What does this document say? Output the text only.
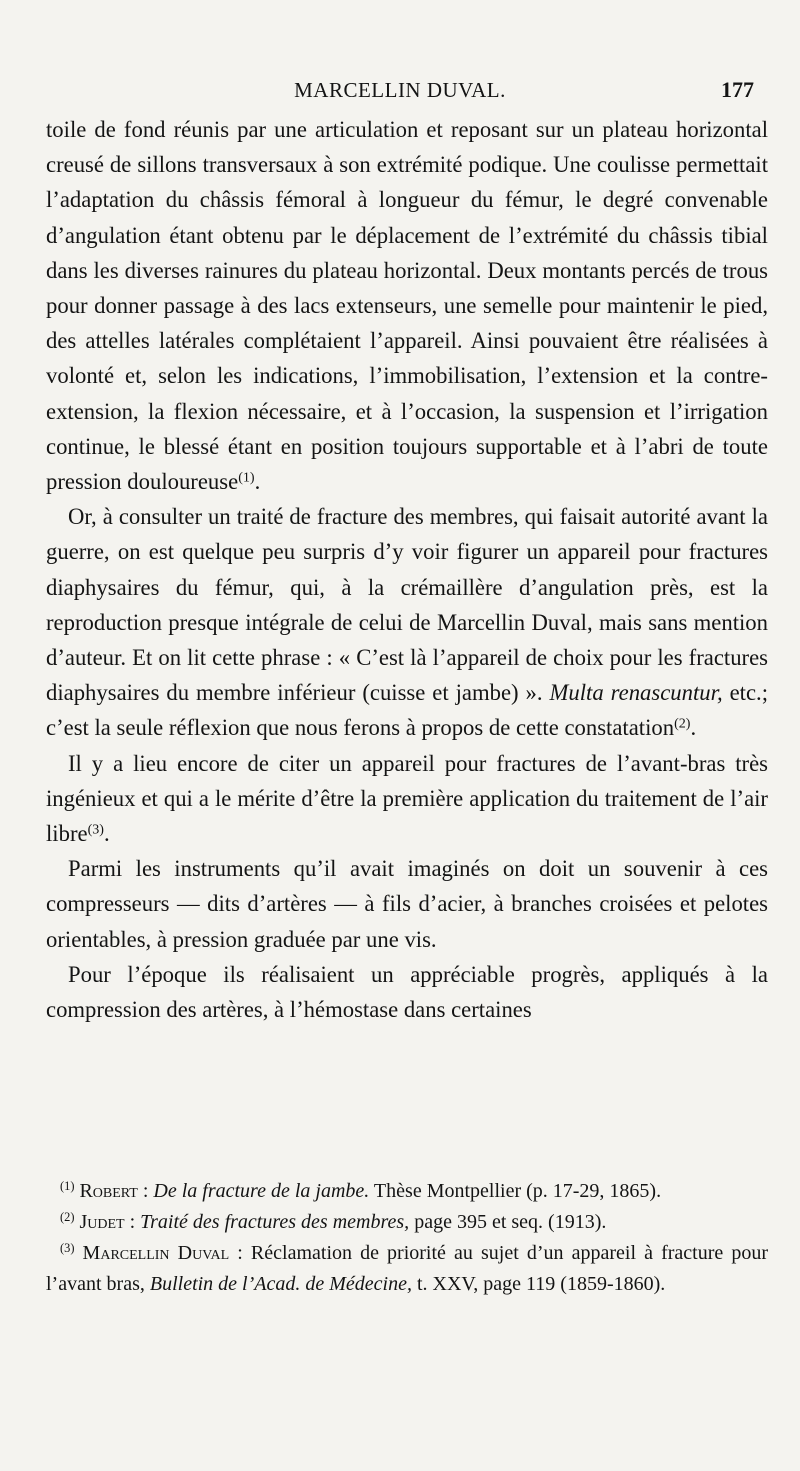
MARCELLIN DUVAL.	177

toile de fond réunis par une articulation et reposant sur un plateau horizontal creusé de sillons transversaux à son extrémité podique. Une coulisse permettait l’adaptation du châssis fémoral à longueur du fémur, le degré convenable d’angulation étant obtenu par le déplacement de l’extrémité du châssis tibial dans les diverses rainures du plateau horizontal. Deux montants percés de trous pour donner passage à des lacs extenseurs, une semelle pour maintenir le pied, des attelles latérales complétaient l’appareil. Ainsi pouvaient être réalisées à volonté et, selon les indications, l’immobilisation, l’extension et la contre-extension, la flexion nécessaire, et à l’occasion, la suspension et l’irrigation continue, le blessé étant en position toujours supportable et à l’abri de toute pression douloureuse$^{(1)}$.

Or, à consulter un traité de fracture des membres, qui faisait autorité avant la guerre, on est quelque peu surpris d’y voir figurer un appareil pour fractures diaphysaires du fémur, qui, à la crémaillère d’angulation près, est la reproduction presque intégrale de celui de Marcellin Duval, mais sans mention d’auteur. Et on lit cette phrase : « C’est là l’appareil de choix pour les fractures diaphysaires du membre inférieur (cuisse et jambe) ». Multa renascuntur, etc.; c’est la seule réflexion que nous ferons à propos de cette constatation$^{(2)}$.

Il y a lieu encore de citer un appareil pour fractures de l’avant-bras très ingénieux et qui a le mérite d’être la première application du traitement de l’air libre$^{(3)}$.

Parmi les instruments qu’il avait imaginés on doit un souvenir à ces compresseurs — dits d’artères — à fils d’acier, à branches croisées et pelotes orientables, à pression graduée par une vis.

Pour l’époque ils réalisaient un appréciable progrès, appliqués à la compression des artères, à l’hémostase dans certaines

$^{(1)}$ Robert : De la fracture de la jambe. Thèse Montpellier (p. 17-29, 1865).

$^{(2)}$ Judet : Traité des fractures des membres, page 395 et seq. (1913).

$^{(3)}$ Marcellin Duval : Réclamation de priorité au sujet d’un appareil à fracture pour l’avant bras, Bulletin de l’Acad. de Médecine, t. XXV, page 119 (1859-1860).
